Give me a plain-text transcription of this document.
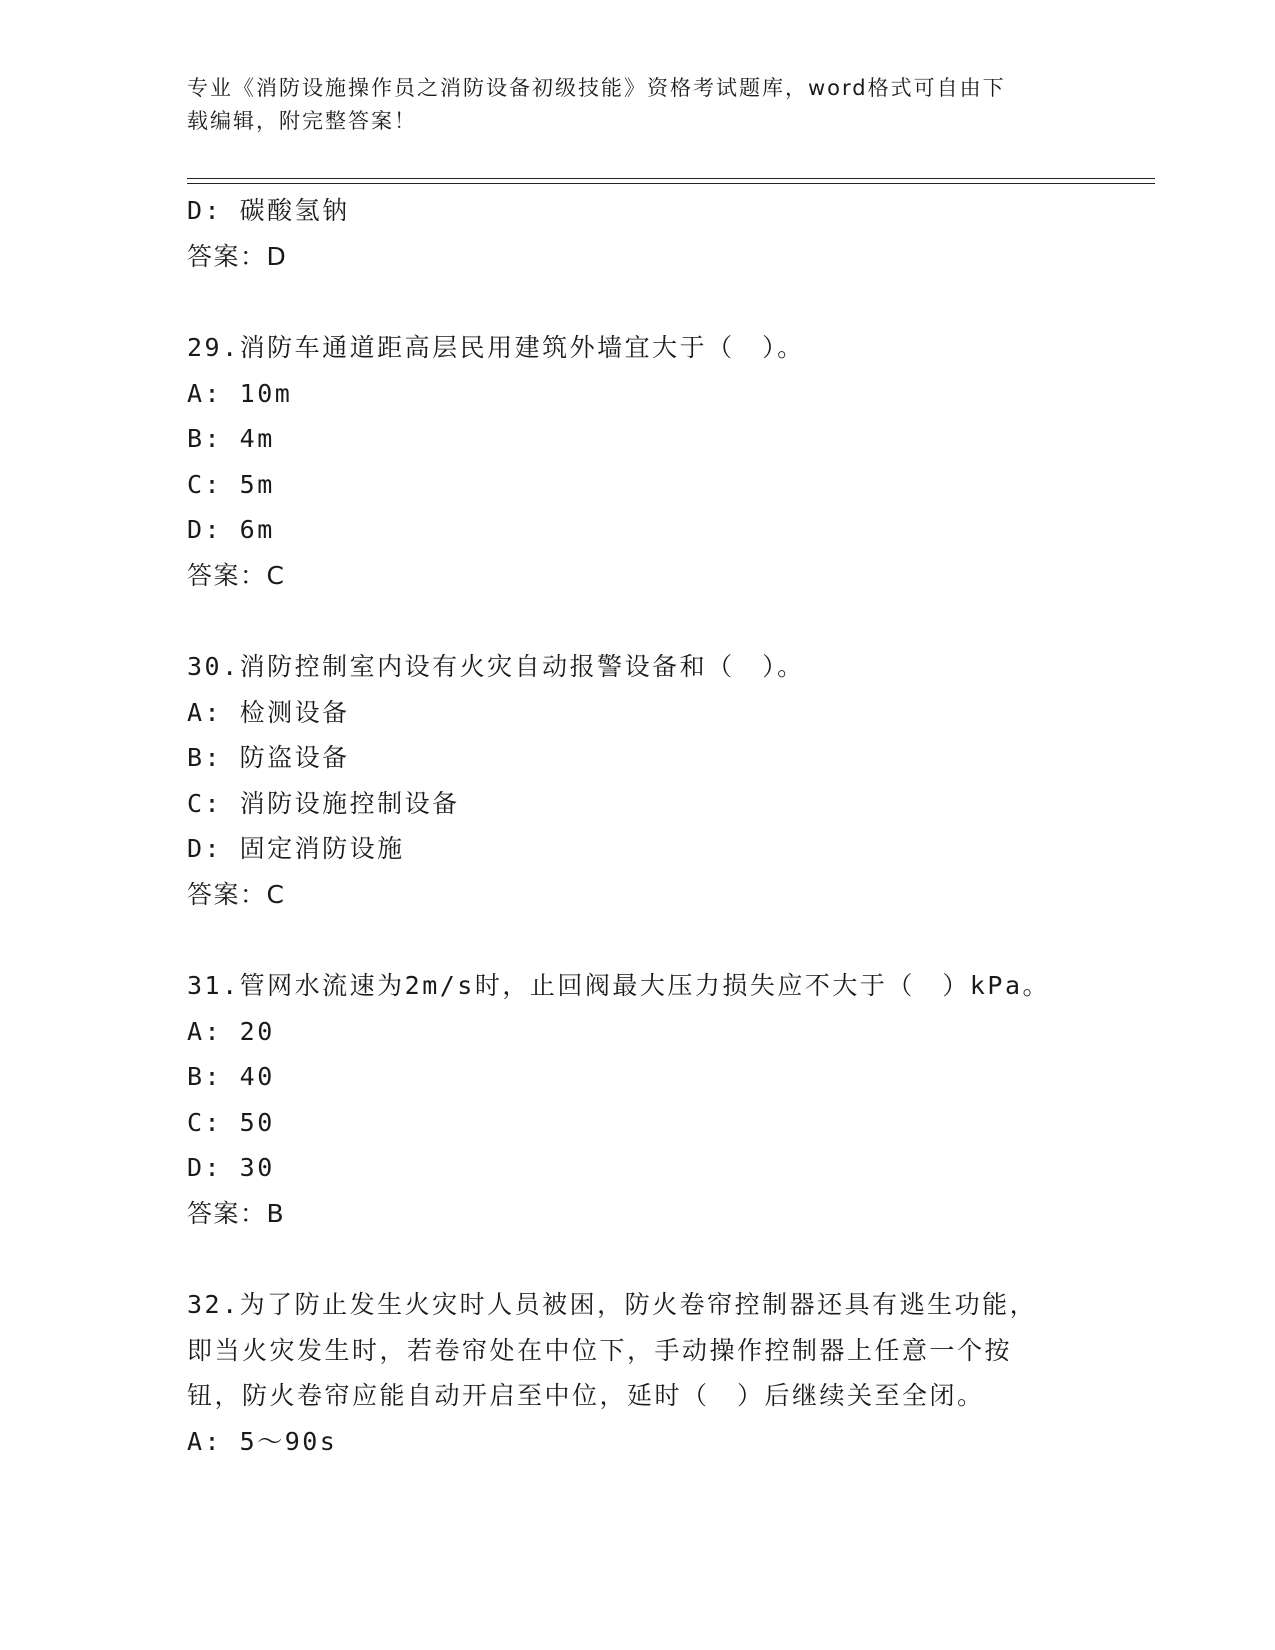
专业《消防设施操作员之消防设备初级技能》资格考试题库，word格式可自由下
载编辑，附完整答案！
D: 碳酸氢钠
答案：D
29.消防车通道距高层民用建筑外墙宜大于（　）。
A: 10m
B: 4m
C: 5m
D: 6m
答案：C
30.消防控制室内设有火灾自动报警设备和（　）。
A: 检测设备
B: 防盗设备
C: 消防设施控制设备
D: 固定消防设施
答案：C
31.管网水流速为2m/s时，止回阀最大压力损失应不大于（　）kPa。
A: 20
B: 40
C: 50
D: 30
答案：B
32.为了防止发生火灾时人员被困，防火卷帘控制器还具有逃生功能，
即当火灾发生时，若卷帘处在中位下，手动操作控制器上任意一个按
钮，防火卷帘应能自动开启至中位，延时（　）后继续关至全闭。
A: 5～90s
